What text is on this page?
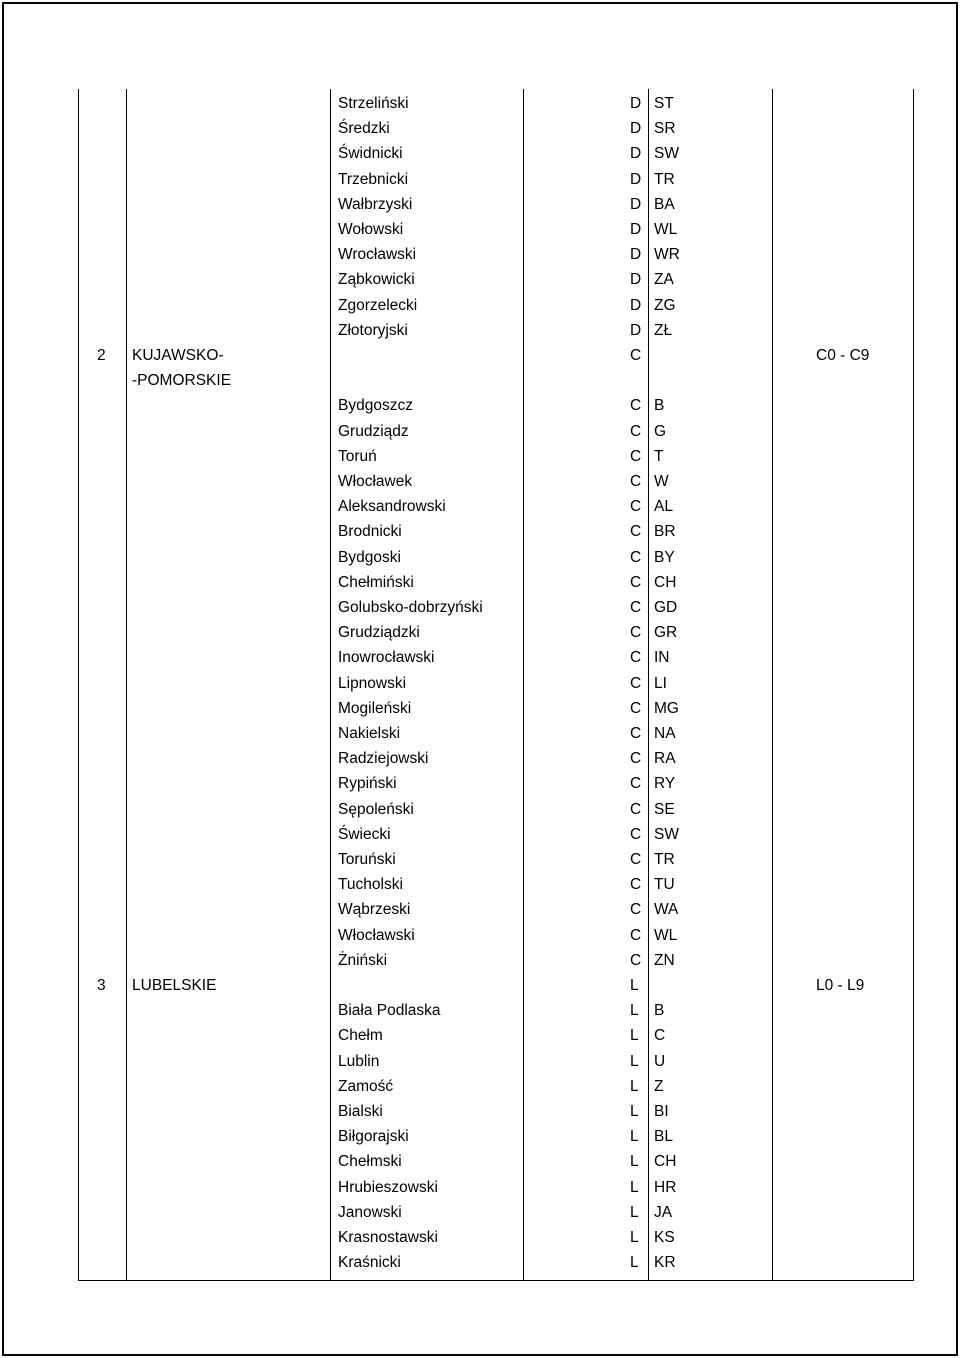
Strzeliński	D ST
Średzki	D SR
Świdnicki	D SW
Trzebnicki	D TR
Wałbrzyski	D BA
Wołowski	D WL
Wrocławski	D WR
Ząbkowicki	D ZA
Zgorzelecki	D ZG
Złotoryjski	D ZŁ
2 KUJAWSKO-	C	C0 - C9
-POMORSKIE
Bydgoszcz	C B
Grudziądz	C G
Toruń	C T
Włocławek	C W
Aleksandrowski	C AL
Brodnicki	C BR
Bydgoski	C BY
Chełmiński	C CH
Golubsko-dobrzyński	C GD
Grudziądzki	C GR
Inowrocławski	C IN
Lipnowski	C LI
Mogileński	C MG
Nakielski	C NA
Radziejowski	C RA
Rypiński	C RY
Sępoleński	C SE
Świecki	C SW
Toruński	C TR
Tucholski	C TU
Wąbrzeski	C WA
Włocławski	C WL
Żniński	C ZN
3 LUBELSKIE	L	L0 - L9
Biała Podlaska	L B
Chełm	L C
Lublin	L U
Zamość	L Z
Bialski	L BI
Biłgorajski	L BL
Chełmski	L CH
Hrubieszowski	L HR
Janowski	L JA
Krasnostawski	L KS
Kraśnicki	L KR
